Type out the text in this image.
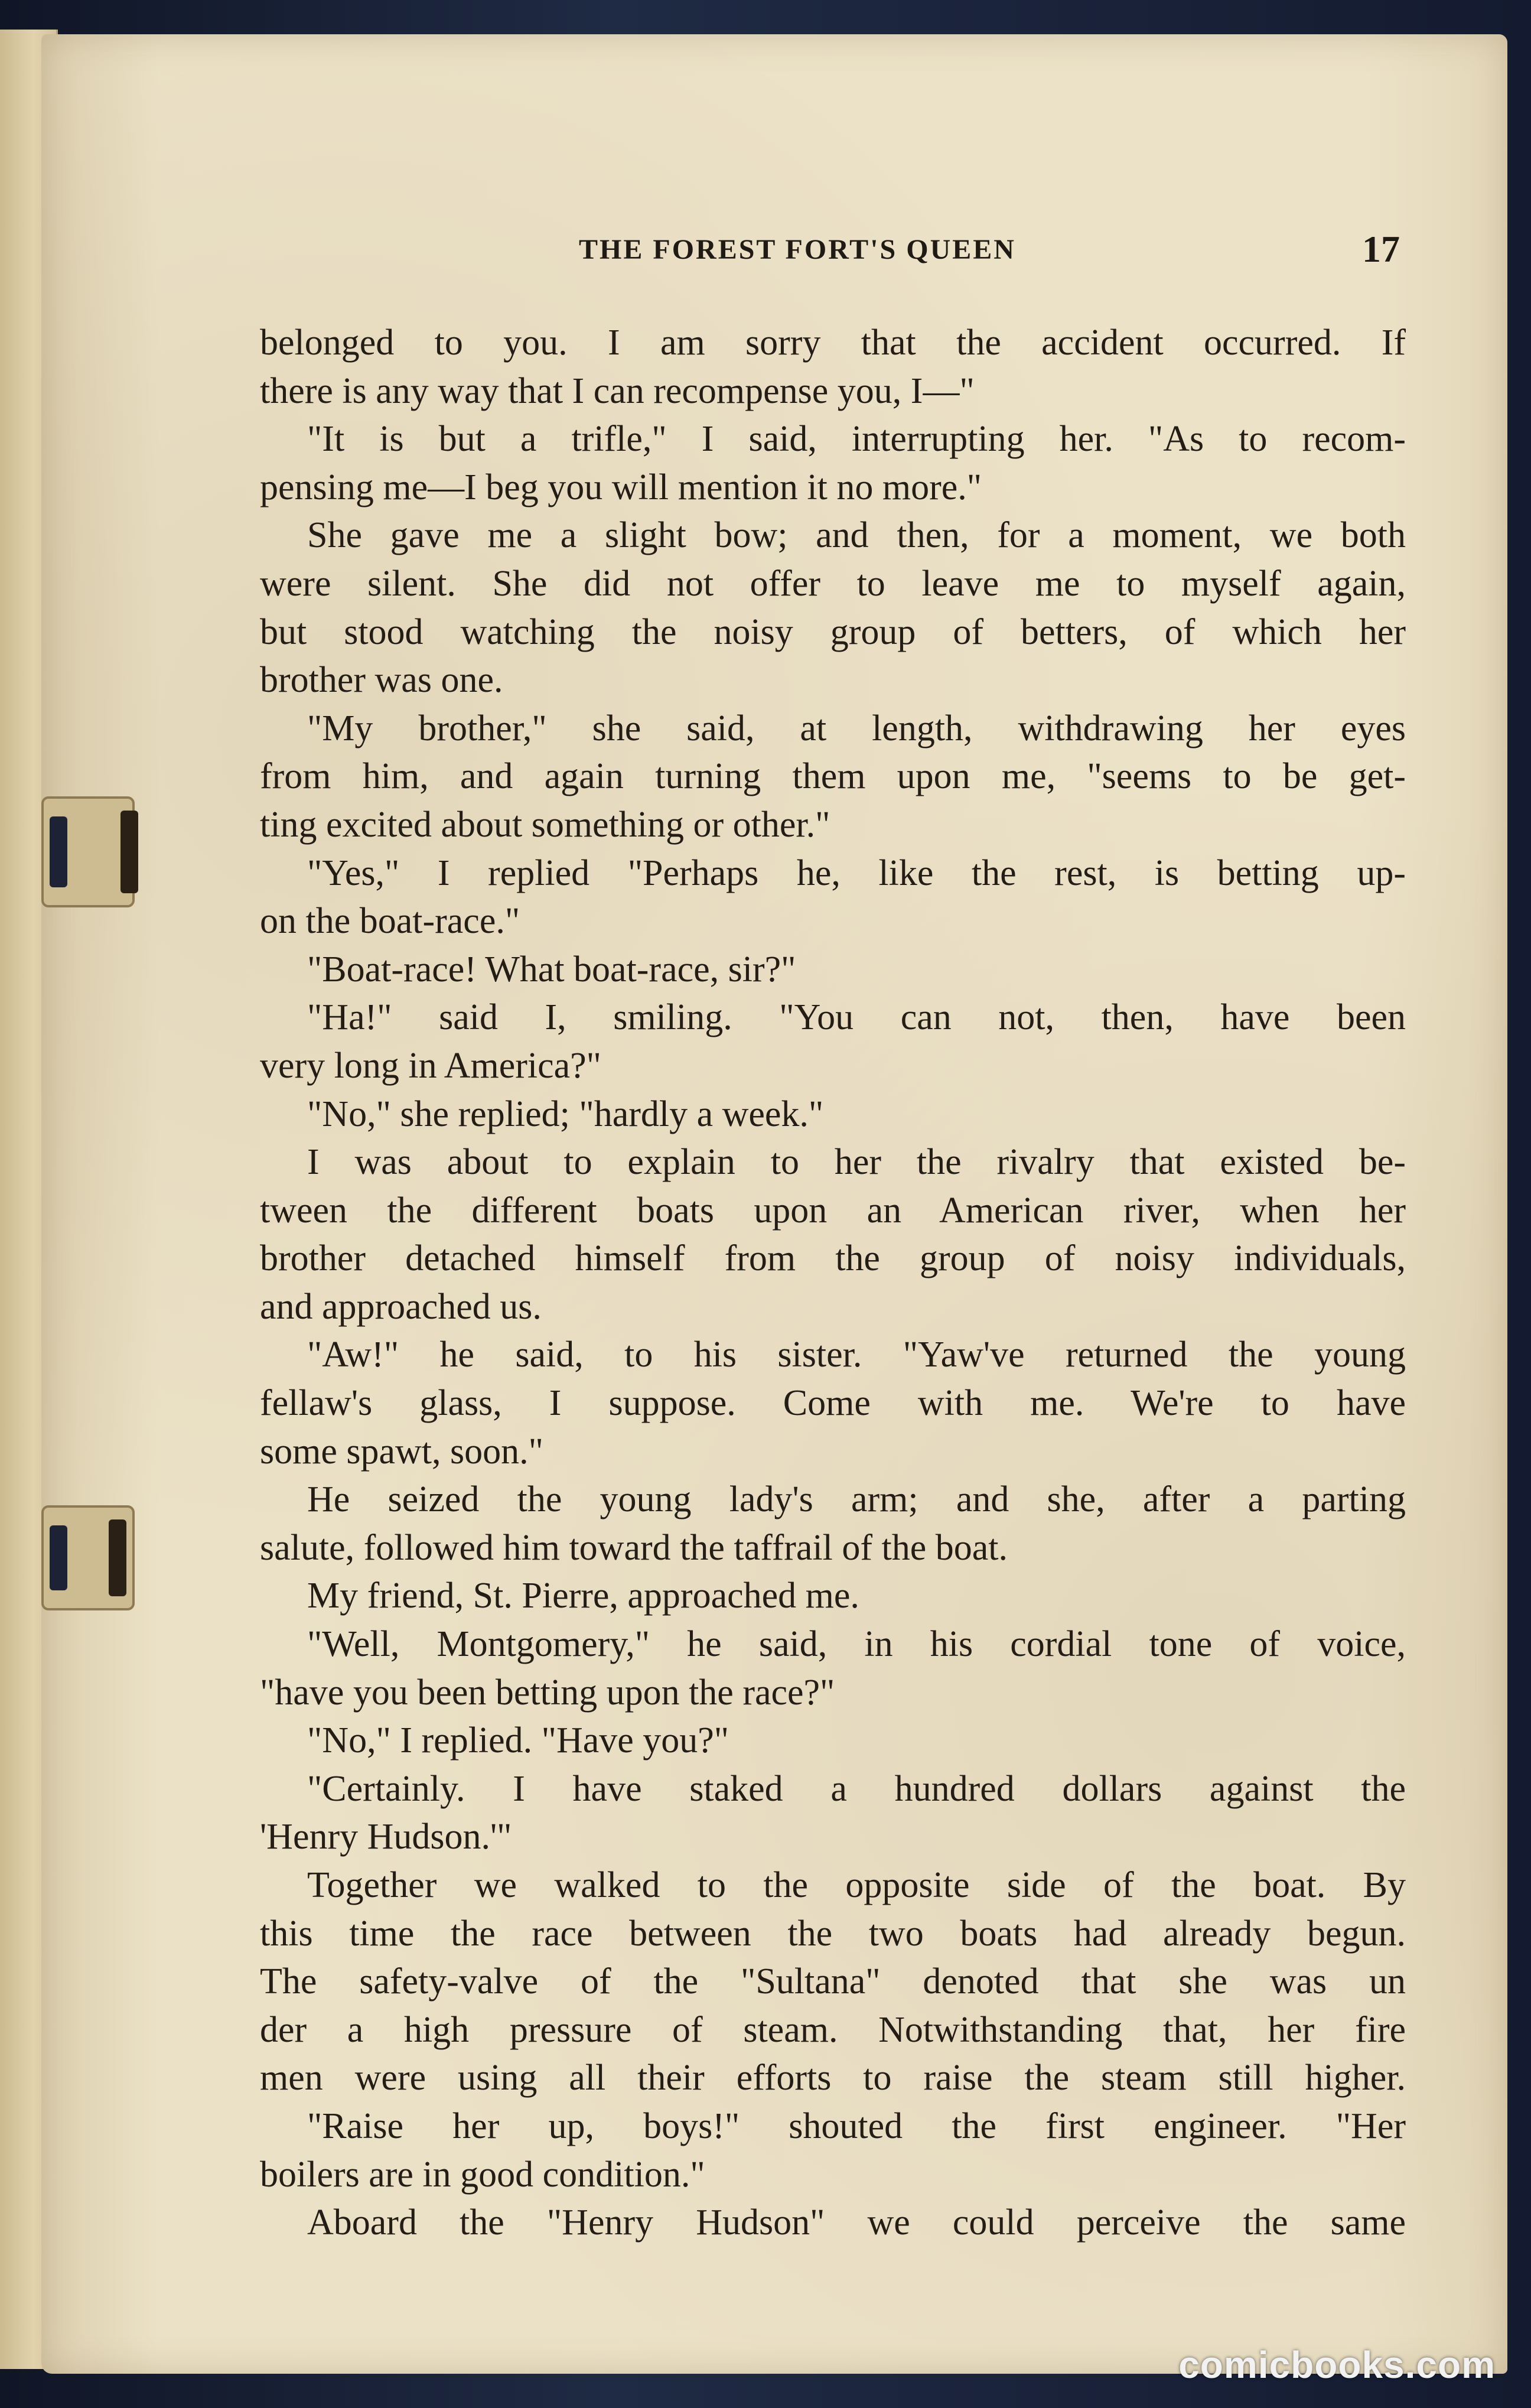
THE FOREST FORT'S QUEEN	17
belonged to you. I am sorry that the accident occurred. If
there is any way that I can recompense you, I—"
"It is but a trifle," I said, interrupting her. "As to recom-
pensing me—I beg you will mention it no more."
She gave me a slight bow; and then, for a moment, we both
were silent. She did not offer to leave me to myself again,
but stood watching the noisy group of betters, of which her
brother was one.
"My brother," she said, at length, withdrawing her eyes
from him, and again turning them upon me, "seems to be get-
ting excited about something or other."
"Yes," I replied "Perhaps he, like the rest, is betting up-
on the boat-race."
"Boat-race! What boat-race, sir?"
"Ha!" said I, smiling. "You can not, then, have been
very long in America?"
"No," she replied; "hardly a week."
I was about to explain to her the rivalry that existed be-
tween the different boats upon an American river, when her
brother detached himself from the group of noisy individuals,
and approached us.
"Aw!" he said, to his sister. "Yaw've returned the young
fellaw's glass, I suppose. Come with me. We're to have
some spawt, soon."
He seized the young lady's arm; and she, after a parting
salute, followed him toward the taffrail of the boat.
My friend, St. Pierre, approached me.
"Well, Montgomery," he said, in his cordial tone of voice,
"have you been betting upon the race?"
"No," I replied. "Have you?"
"Certainly. I have staked a hundred dollars against the
'Henry Hudson.'"
Together we walked to the opposite side of the boat. By
this time the race between the two boats had already begun.
The safety-valve of the "Sultana" denoted that she was un
der a high pressure of steam. Notwithstanding that, her fire
men were using all their efforts to raise the steam still higher.
"Raise her up, boys!" shouted the first engineer. "Her
boilers are in good condition."
Aboard the "Henry Hudson" we could perceive the same
comicbooks.com
